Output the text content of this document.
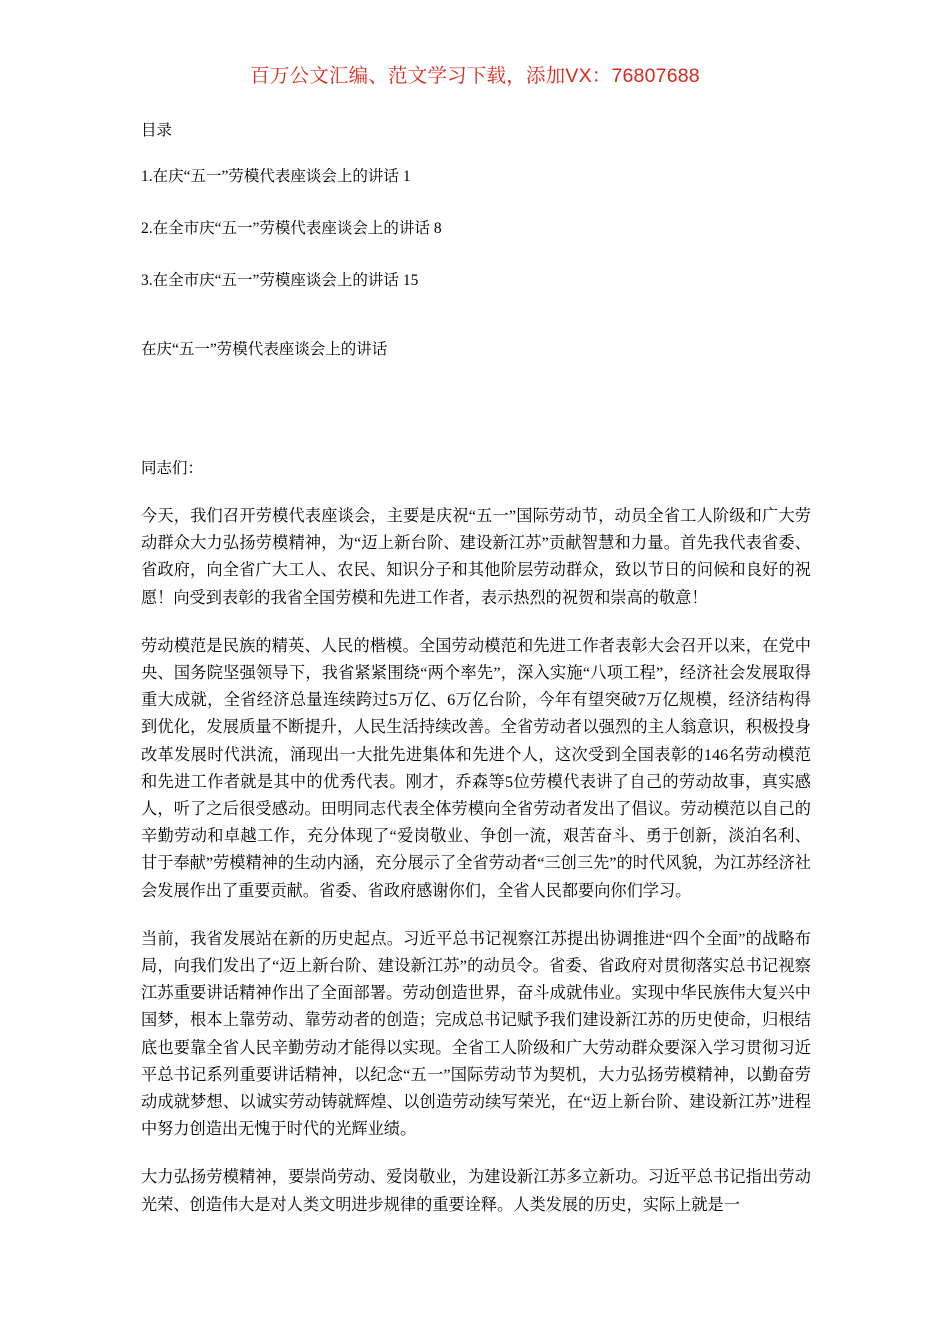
百万公文汇编、范文学习下载，添加VX：76807688

目录

1.在庆“五一”劳模代表座谈会上的讲话 1

2.在全市庆“五一”劳模代表座谈会上的讲话 8

3.在全市庆“五一”劳模座谈会上的讲话 15

在庆“五一”劳模代表座谈会上的讲话

同志们：

今天，我们召开劳模代表座谈会，主要是庆祝“五一”国际劳动节，动员全省工人阶级和广大劳动群众大力弘扬劳模精神，为“迈上新台阶、建设新江苏”贡献智慧和力量。首先我代表省委、省政府，向全省广大工人、农民、知识分子和其他阶层劳动群众，致以节日的问候和良好的祝愿！向受到表彰的我省全国劳模和先进工作者，表示热烈的祝贺和崇高的敬意！

劳动模范是民族的精英、人民的楷模。全国劳动模范和先进工作者表彰大会召开以来，在党中央、国务院坚强领导下，我省紧紧围绕“两个率先”，深入实施“八项工程”，经济社会发展取得重大成就，全省经济总量连续跨过5万亿、6万亿台阶，今年有望突破7万亿规模，经济结构得到优化，发展质量不断提升，人民生活持续改善。全省劳动者以强烈的主人翁意识，积极投身改革发展时代洪流，涌现出一大批先进集体和先进个人，这次受到全国表彰的146名劳动模范和先进工作者就是其中的优秀代表。刚才，乔森等5位劳模代表讲了自己的劳动故事，真实感人，听了之后很受感动。田明同志代表全体劳模向全省劳动者发出了倡议。劳动模范以自己的辛勤劳动和卓越工作，充分体现了“爱岗敬业、争创一流，艰苦奋斗、勇于创新，淡泊名利、甘于奉献”劳模精神的生动内涵，充分展示了全省劳动者“三创三先”的时代风貌，为江苏经济社会发展作出了重要贡献。省委、省政府感谢你们，全省人民都要向你们学习。

当前，我省发展站在新的历史起点。习近平总书记视察江苏提出协调推进“四个全面”的战略布局，向我们发出了“迈上新台阶、建设新江苏”的动员令。省委、省政府对贯彻落实总书记视察江苏重要讲话精神作出了全面部署。劳动创造世界，奋斗成就伟业。实现中华民族伟大复兴中国梦，根本上靠劳动、靠劳动者的创造；完成总书记赋予我们建设新江苏的历史使命，归根结底也要靠全省人民辛勤劳动才能得以实现。全省工人阶级和广大劳动群众要深入学习贯彻习近平总书记系列重要讲话精神，以纪念“五一”国际劳动节为契机，大力弘扬劳模精神，以勤奋劳动成就梦想、以诚实劳动铸就辉煌、以创造劳动续写荣光，在“迈上新台阶、建设新江苏”进程中努力创造出无愧于时代的光辉业绩。

大力弘扬劳模精神，要崇尚劳动、爱岗敬业，为建设新江苏多立新功。习近平总书记指出劳动光荣、创造伟大是对人类文明进步规律的重要诠释。人类发展的历史，实际上就是一
